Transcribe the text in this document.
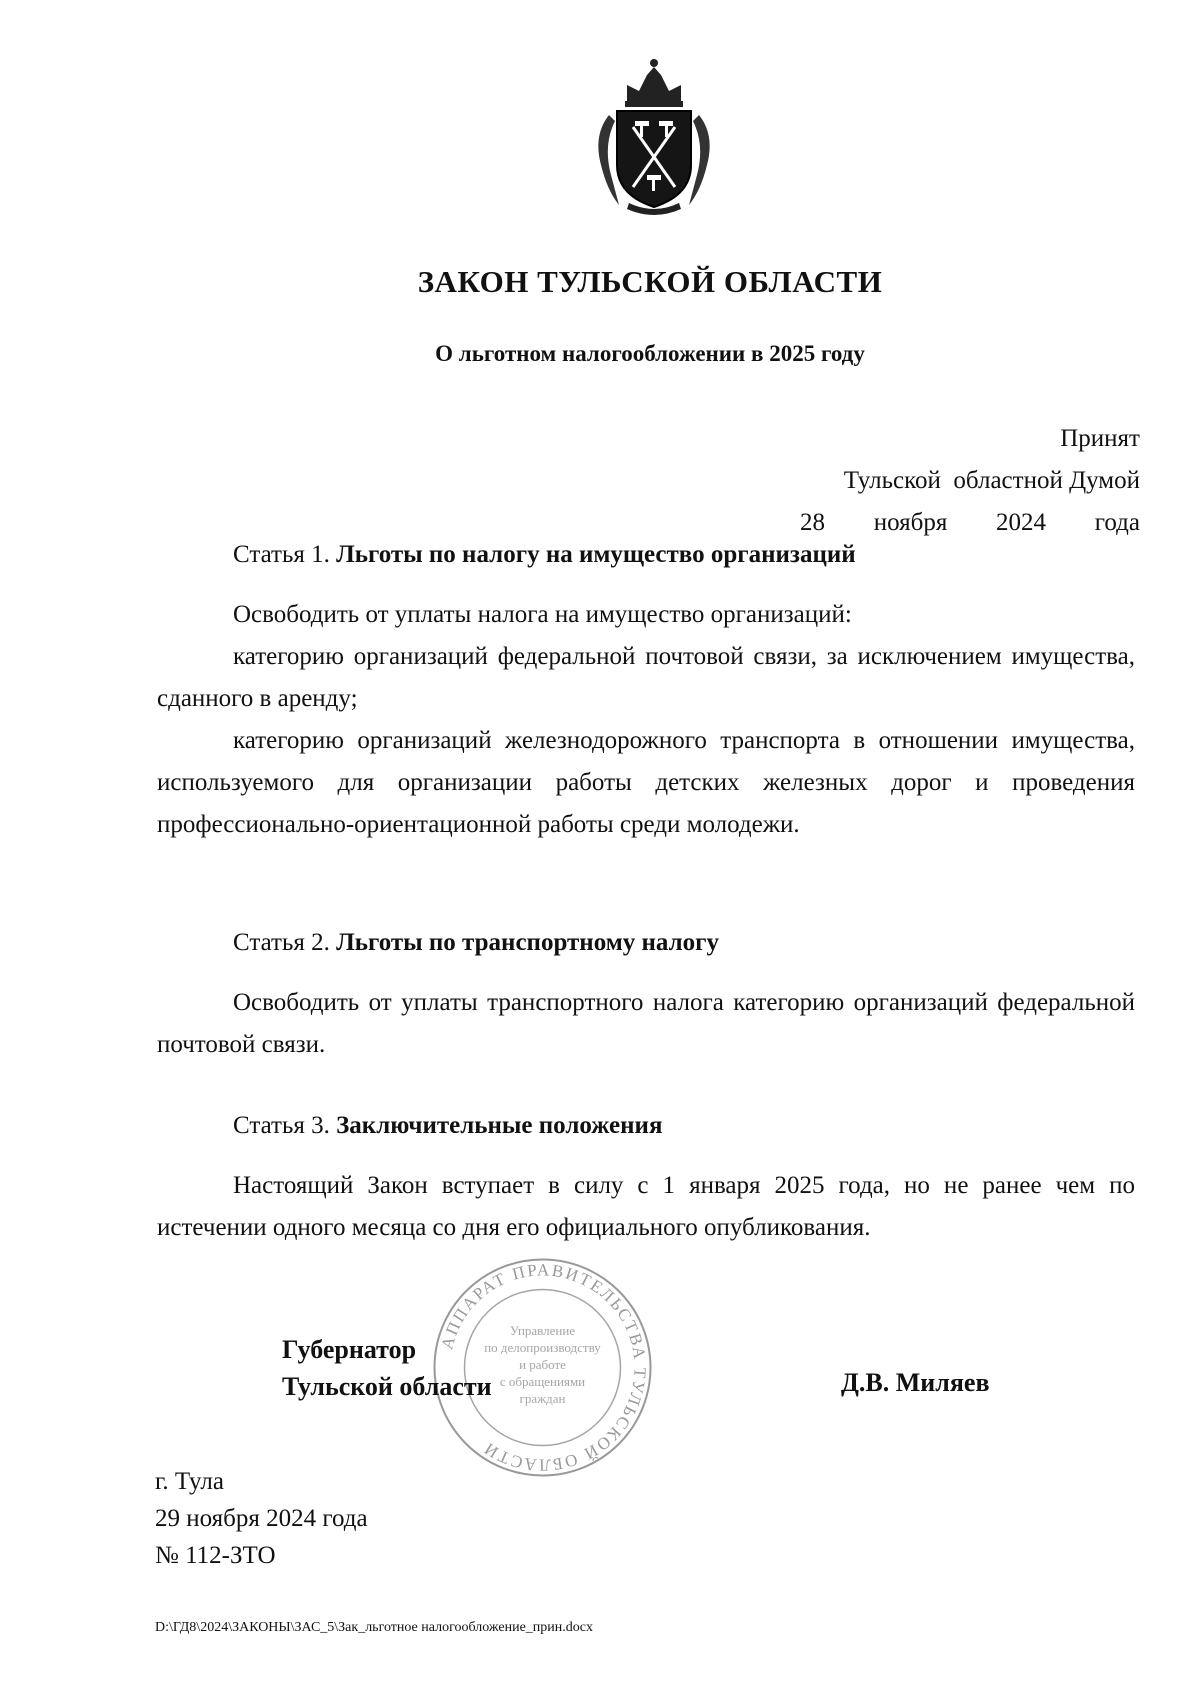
ЗАКОН ТУЛЬСКОЙ ОБЛАСТИ
О льготном налогообложении в 2025 году
Принят
Тульской  областной Думой
28 ноября 2024 года
Статья 1. Льготы по налогу на имущество организаций

Освободить от уплаты налога на имущество организаций:

категорию организаций федеральной почтовой связи, за исключением имущества, сданного в аренду;

категорию организаций железнодорожного транспорта в отношении имущества, используемого для организации работы детских железных дорог и проведения профессионально-ориентационной работы среди молодежи.

Статья 2. Льготы по транспортному налогу

Освободить от уплаты транспортного налога категорию организаций федеральной почтовой связи.

Статья 3. Заключительные положения

Настоящий Закон вступает в силу с 1 января 2025 года, но не ранее чем по истечении одного месяца со дня его официального опубликования.

АППАРАТ ПРАВИТЕЛЬСТВА ТУЛЬСКОЙ ОБЛАСТИ
Управление
по делопроизводству
и работе
с обращениями
граждан
Губернатор
Тульской области	Д.В. Миляев
г. Тула
29 ноября 2024 года
№ 112-ЗТО
D:\ГД8\2024\ЗАКОНЫ\ЗАС_5\Зак_льготное налогообложение_прин.docx
